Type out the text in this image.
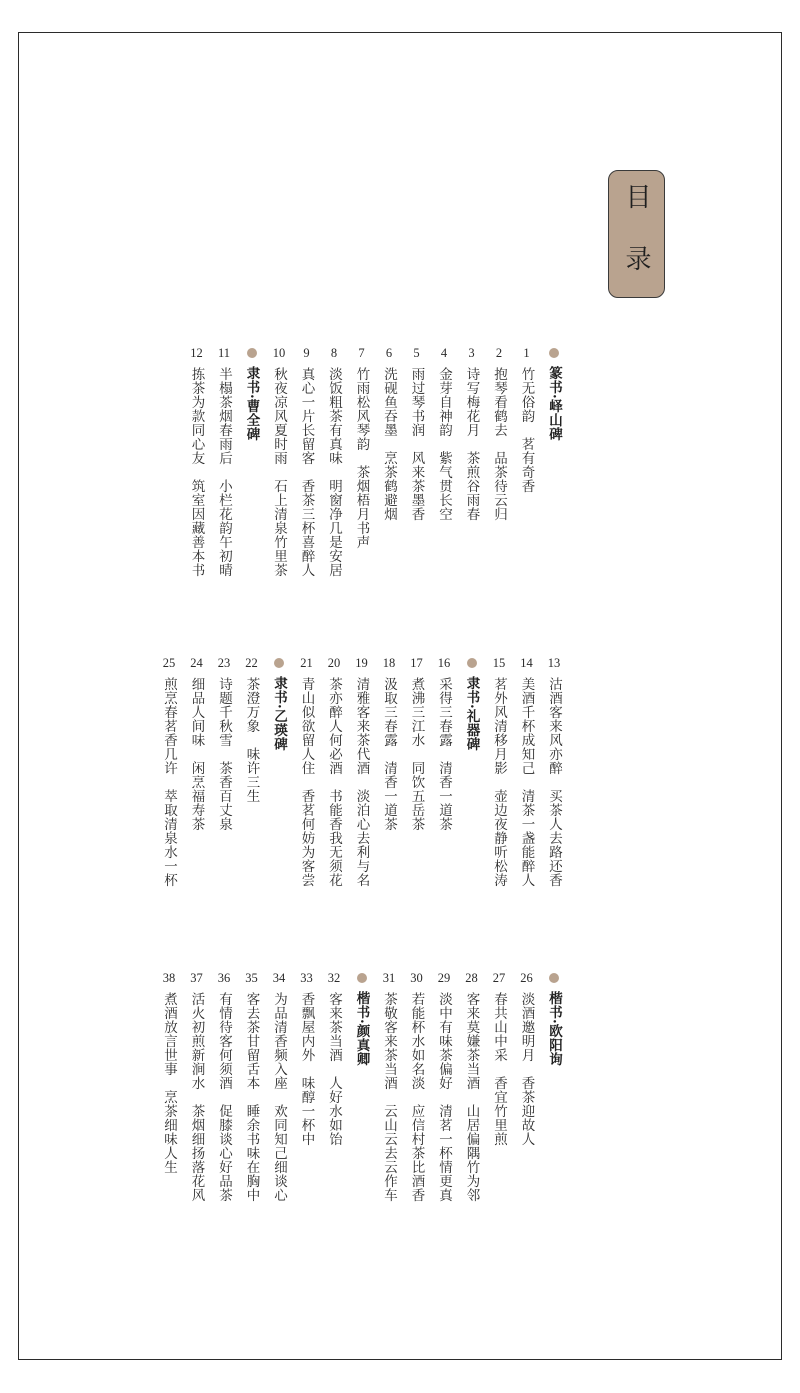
目 录
篆书·峄山碑
1
竹无俗韵　茗有奇香
2
抱琴看鹤去　品茶待云归
3
诗写梅花月　茶煎谷雨春
4
金芽自神韵　紫气贯长空
5
雨过琴书润　风来茶墨香
6
洗砚鱼吞墨　烹茶鹤避烟
7
竹雨松风琴韵　茶烟梧月书声
8
淡饭粗茶有真味　明窗净几是安居
9
真心一片长留客　香茶三杯喜醉人
10
秋夜凉风夏时雨　石上清泉竹里茶
隶书·曹全碑
11
半榻茶烟春雨后　小栏花韵午初晴
12
拣茶为款同心友　筑室因藏善本书
13
沽酒客来风亦醉　买茶人去路还香
14
美酒千杯成知己　清茶一盏能醉人
15
茗外风清移月影　壶边夜静听松涛
隶书·礼器碑
16
采得三春露　清香一道茶
17
煮沸三江水　同饮五岳茶
18
汲取三春露　清香一道茶
19
清雅客来茶代酒　淡泊心去利与名
20
茶亦醉人何必酒　书能香我无须花
21
青山似欲留人住　香茗何妨为客尝
隶书·乙瑛碑
22
茶澄万象　味许三生
23
诗题千秋雪　茶香百丈泉
24
细品人间味　闲烹福寿茶
25
煎烹春茗香几许　萃取清泉水一杯
楷书·欧阳询
26
淡酒邀明月　香茶迎故人
27
春共山中采　香宜竹里煎
28
客来莫嫌茶当酒　山居偏隅竹为邻
29
淡中有味茶偏好　清茗一杯情更真
30
若能杯水如名淡　应信村茶比酒香
31
茶敬客来茶当酒　云山云去云作车
楷书·颜真卿
32
客来茶当酒　人好水如饴
33
香飘屋内外　味醇一杯中
34
为品清香频入座　欢同知己细谈心
35
客去茶甘留舌本　睡余书味在胸中
36
有情待客何须酒　促膝谈心好品茶
37
活火初煎新涧水　茶烟细扬落花风
38
煮酒放言世事　烹茶细味人生
